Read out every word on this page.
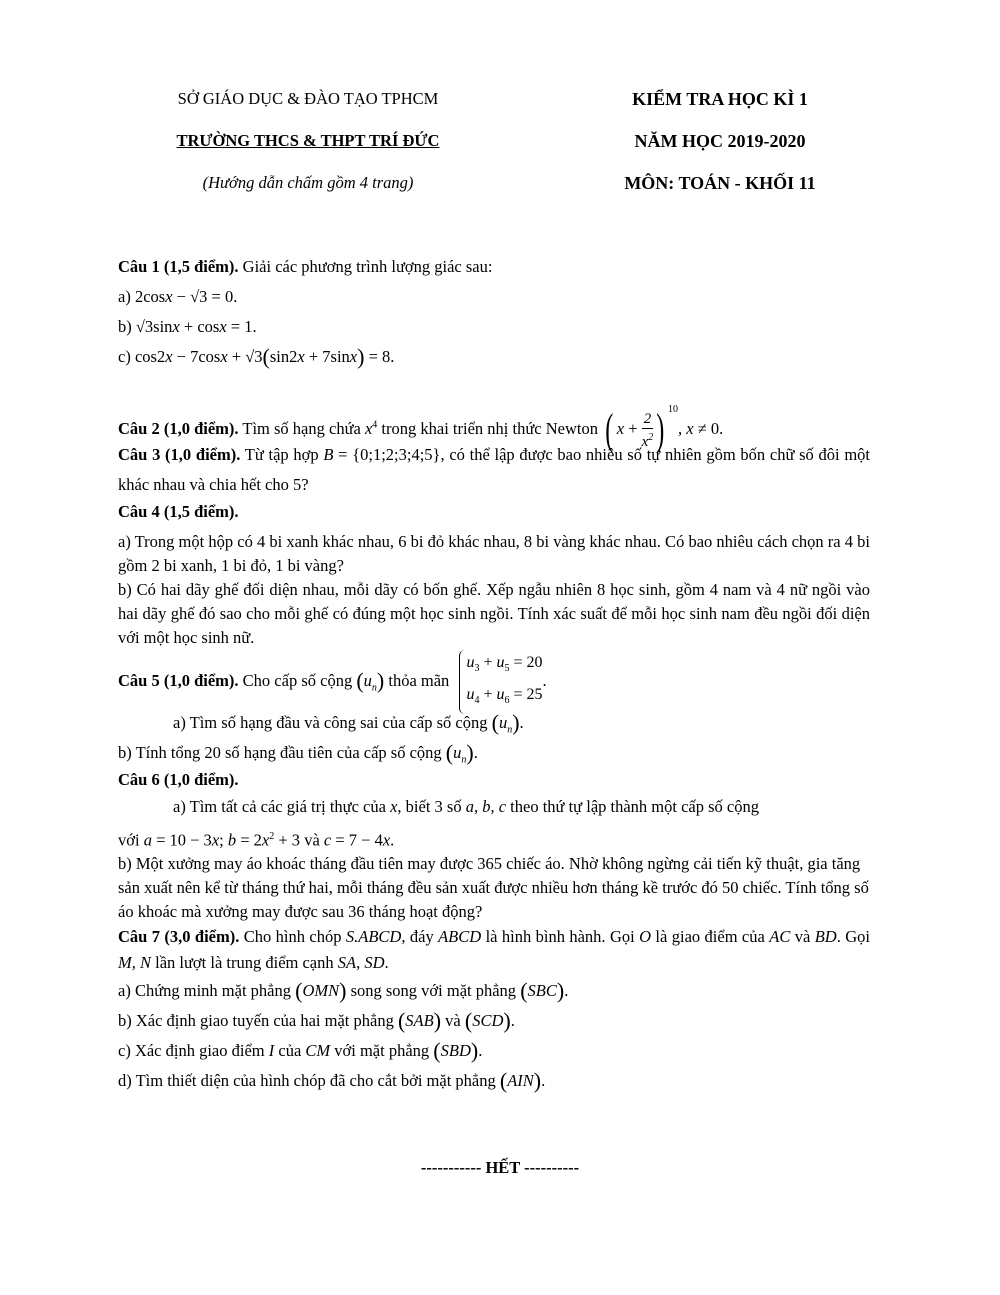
SỞ GIÁO DỤC & ĐÀO TẠO TPHCM
TRƯỜNG THCS & THPT TRÍ ĐỨC
(Hướng dẫn chấm gồm 4 trang)
KIỂM TRA HỌC KÌ 1
NĂM HỌC 2019-2020
MÔN: TOÁN - KHỐI 11

Câu 1 (1,5 điểm). Giải các phương trình lượng giác sau:

a) 2cosx − √3 = 0.

b) √3sinx + cosx = 1.

c) cos2x − 7cosx + √3(sin2x + 7sinx) = 8.

Câu 2 (1,0 điểm). Tìm số hạng chứa $x^4$ trong khai triển nhị thức Newton ( $x + \frac{2}{x^2}$ ) $^{10}$, x ≠ 0.

Câu 3 (1,0 điểm). Từ tập hợp B = {0;1;2;3;4;5}, có thể lập được bao nhiêu số tự nhiên gồm bốn chữ số đôi một khác nhau và chia hết cho 5?

Câu 4 (1,5 điểm).

a) Trong một hộp có 4 bi xanh khác nhau, 6 bi đỏ khác nhau, 8 bi vàng khác nhau. Có bao nhiêu cách chọn ra 4 bi gồm 2 bi xanh, 1 bi đỏ, 1 bi vàng?

b) Có hai dãy ghế đối diện nhau, mỗi dãy có bốn ghế. Xếp ngẫu nhiên 8 học sinh, gồm 4 nam và 4 nữ ngồi vào hai dãy ghế đó sao cho mỗi ghế có đúng một học sinh ngồi. Tính xác suất để mỗi học sinh nam đều ngồi đối diện với một học sinh nữ.

Câu 5 (1,0 điểm). Cho cấp số cộng $(u_n)$ thỏa mãn $u_3 + u_5 = 20$
$u_4 + u_6 = 25$.

a) Tìm số hạng đầu và công sai của cấp số cộng $(u_n)$.

b) Tính tổng 20 số hạng đầu tiên của cấp số cộng $(u_n)$.

Câu 6 (1,0 điểm).

a) Tìm tất cả các giá trị thực của x, biết 3 số a, b, c theo thứ tự lập thành một cấp số cộng

với a = 10 − 3x; $b = 2x^2 + 3$ và c = 7 − 4x.

b) Một xưởng may áo khoác tháng đầu tiên may được 365 chiếc áo. Nhờ không ngừng cải tiến kỹ thuật, gia tăng sản xuất nên kể từ tháng thứ hai, mỗi tháng đều sản xuất được nhiều hơn tháng kề trước đó 50 chiếc. Tính tổng số áo khoác mà xưởng may được sau 36 tháng hoạt động?

Câu 7 (3,0 điểm). Cho hình chóp S.ABCD, đáy ABCD là hình bình hành. Gọi O là giao điểm của AC và BD. Gọi M, N lần lượt là trung điểm cạnh SA, SD.

a) Chứng minh mặt phẳng (OMN) song song với mặt phẳng (SBC).

b) Xác định giao tuyến của hai mặt phẳng (SAB) và (SCD).

c) Xác định giao điểm I của CM với mặt phẳng (SBD).

d) Tìm thiết diện của hình chóp đã cho cắt bởi mặt phẳng (AIN).

----------- HẾT ----------
